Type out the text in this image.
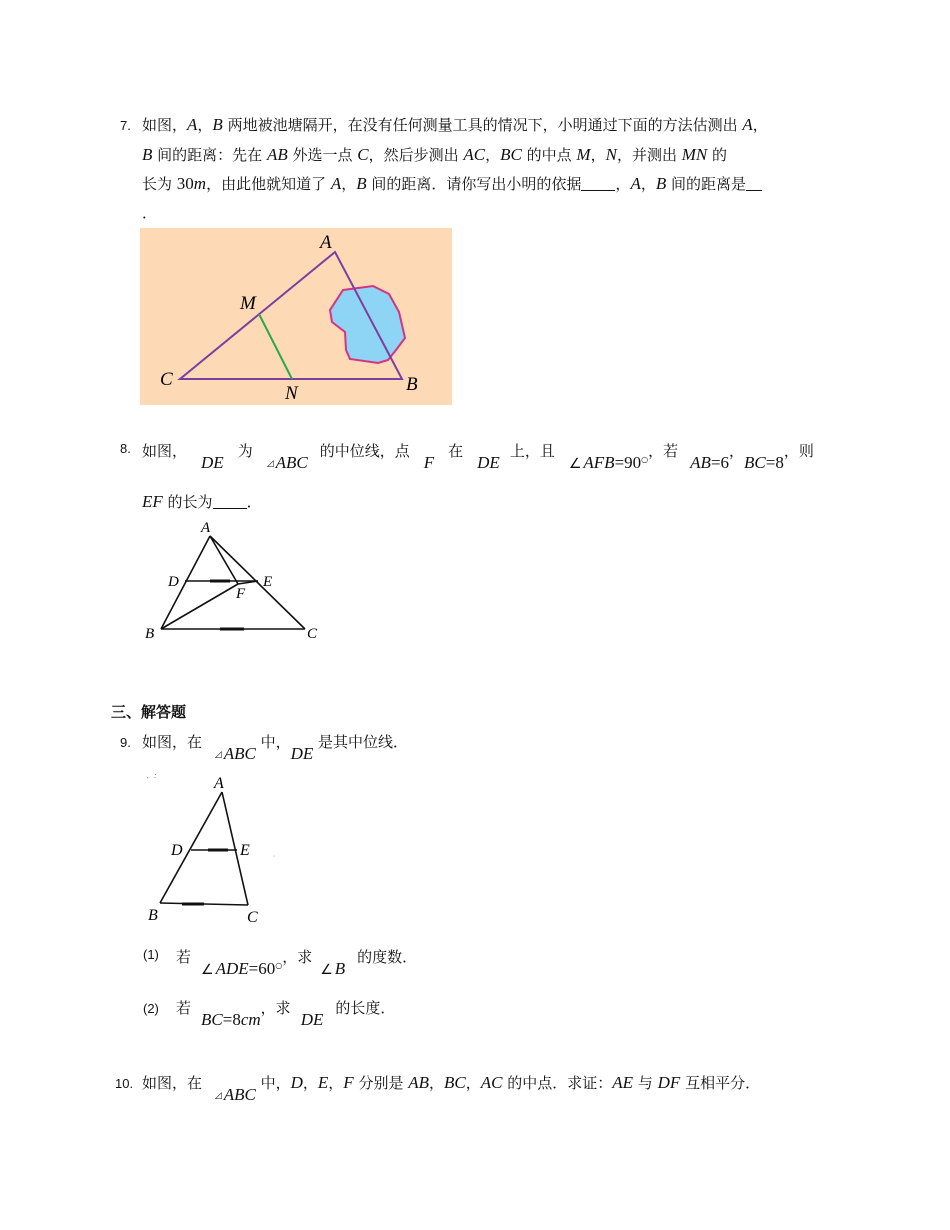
7. 如图，A，B 两地被池塘隔开，在没有任何测量工具的情况下，小明通过下面的方法估测出 A，
B 间的距离：先在 AB 外选一点 C，然后步测出 AC，BC 的中点 M，N，并测出 MN 的
长为 30m，由此他就知道了 A，B 间的距离．请你写出小明的依据 ，A，B 间的距离是
．
A
M
C
N	B
8. 如图，DE为◿ ABC的中位线，点F在DE上，且∠ AFB=90○，若AB=6，BC=8，则
EF 的长为 ．
A
D	E
F
B	C
三、解答题
9. 如图，在 ◿ ABC 中，DE 是其中位线．
、:	A
D	E
B	C
·
(1) 若∠ ADE=60○，求∠ B的度数．
(2) 若BC=8cm，求DE的长度．
10. 如图，在 ◿ ABC 中，D，E，F 分别是 AB，BC，AC 的中点．求证：AE 与 DF 互相平分．
